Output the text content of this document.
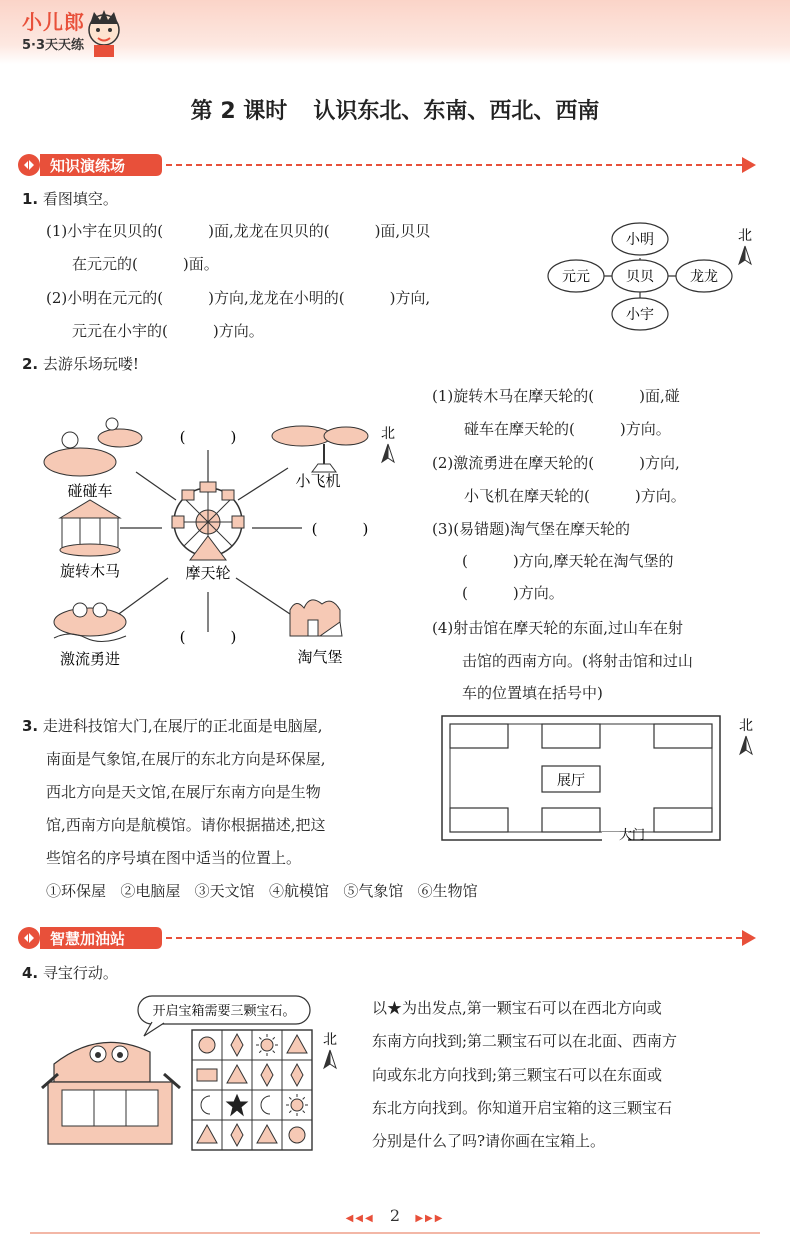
小儿郎
5·3天天练
第 2 课时 认识东北、东南、西北、西南
知识演练场
1. 看图填空。
(1)小宇在贝贝的(　　　)面,龙龙在贝贝的(　　　)面,贝贝
在元元的(　　　)面。
(2)小明在元元的(　　　)方向,龙龙在小明的(　　　)方向,
元元在小宇的(　　　)方向。
小明
元元	贝贝	龙龙
小宇
北
2. 去游乐场玩喽!
摩天轮
碰碰车
小飞机
旋转木马
激流勇进	淘气堡
(　　　)
(　　　)
(　　　)
北
(1)旋转木马在摩天轮的(　　　)面,碰
碰车在摩天轮的(　　　)方向。
(2)激流勇进在摩天轮的(　　　)方向,
小飞机在摩天轮的(　　　)方向。
(3)(易错题)淘气堡在摩天轮的
(　　　)方向,摩天轮在淘气堡的
(　　　)方向。
(4)射击馆在摩天轮的东面,过山车在射
击馆的西南方向。(将射击馆和过山
车的位置填在括号中)
3. 走进科技馆大门,在展厅的正北面是电脑屋,
南面是气象馆,在展厅的东北方向是环保屋,
西北方向是天文馆,在展厅东南方向是生物
馆,西南方向是航模馆。请你根据描述,把这
些馆名的序号填在图中适当的位置上。
①环保屋 ②电脑屋 ③天文馆 ④航模馆 ⑤气象馆 ⑥生物馆
展厅
大门
北
智慧加油站
4. 寻宝行动。
开启宝箱需要三颗宝石。
北
以★为出发点,第一颗宝石可以在西北方向或
东南方向找到;第二颗宝石可以在北面、西南方
向或东北方向找到;第三颗宝石可以在东面或
东北方向找到。你知道开启宝箱的这三颗宝石
分别是什么了吗?请你画在宝箱上。
◀◀◀ 2 ▶▶▶
